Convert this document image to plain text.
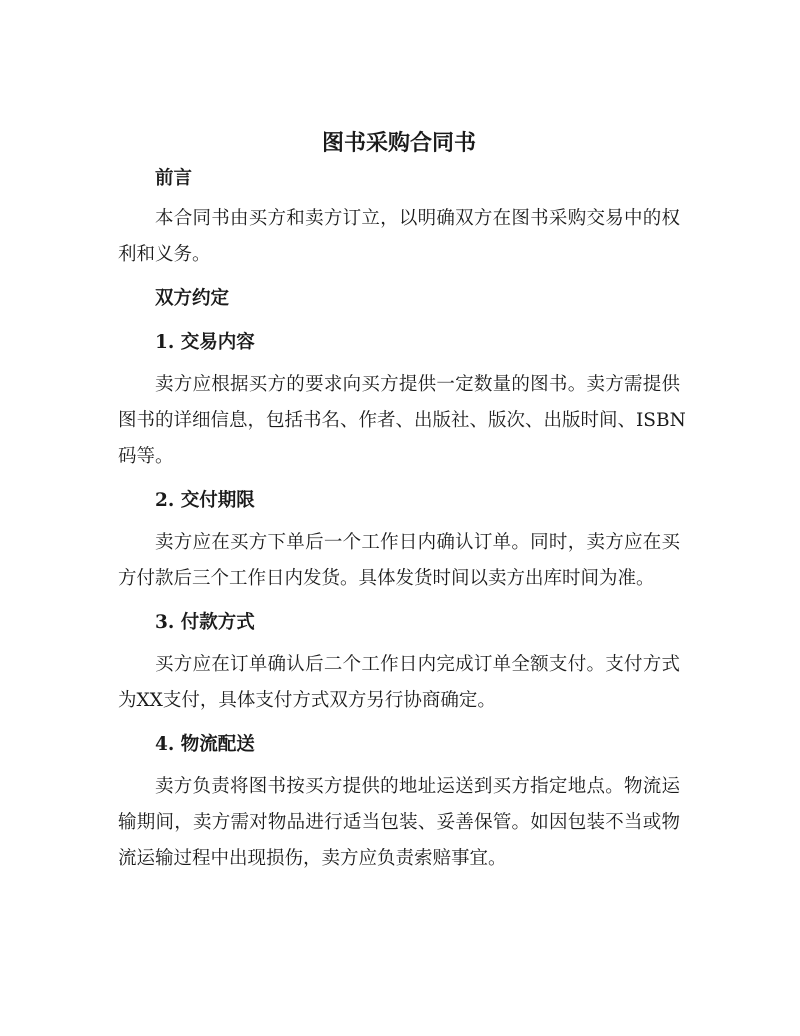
图书采购合同书
前言
本合同书由买方和卖方订立，以明确双方在图书采购交易中的权
利和义务。
双方约定
1. 交易内容
卖方应根据买方的要求向买方提供一定数量的图书。卖方需提供
图书的详细信息，包括书名、作者、出版社、版次、出版时间、ISBN
码等。
2. 交付期限
卖方应在买方下单后一个工作日内确认订单。同时，卖方应在买
方付款后三个工作日内发货。具体发货时间以卖方出库时间为准。
3. 付款方式
买方应在订单确认后二个工作日内完成订单全额支付。支付方式
为XX支付，具体支付方式双方另行协商确定。
4. 物流配送
卖方负责将图书按买方提供的地址运送到买方指定地点。物流运
输期间，卖方需对物品进行适当包装、妥善保管。如因包装不当或物
流运输过程中出现损伤，卖方应负责索赔事宜。
